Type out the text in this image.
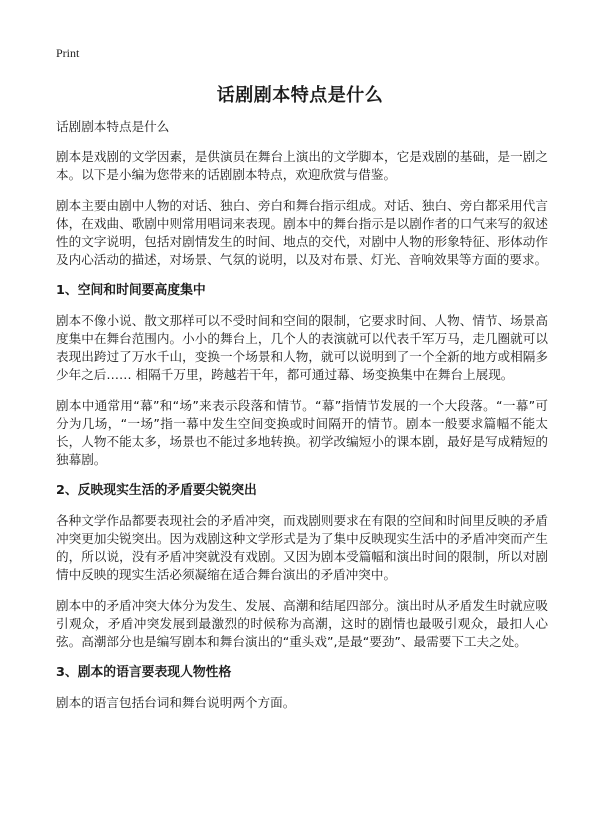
Print
话剧剧本特点是什么

话剧剧本特点是什么

剧本是戏剧的文学因素，是供演员在舞台上演出的文学脚本，它是戏剧的基础，是一剧之本。以下是小编为您带来的话剧剧本特点，欢迎欣赏与借鉴。

剧本主要由剧中人物的对话、独白、旁白和舞台指示组成。对话、独白、旁白都采用代言体，在戏曲、歌剧中则常用唱词来表现。剧本中的舞台指示是以剧作者的口气来写的叙述性的文字说明，包括对剧情发生的时间、地点的交代，对剧中人物的形象特征、形体动作及内心活动的描述，对场景、气氛的说明，以及对布景、灯光、音响效果等方面的要求。

1、空间和时间要高度集中

剧本不像小说、散文那样可以不受时间和空间的限制，它要求时间、人物、情节、场景高度集中在舞台范围内。小小的舞台上，几个人的表演就可以代表千军万马，走几圈就可以表现出跨过了万水千山，变换一个场景和人物，就可以说明到了一个全新的地方或相隔多少年之后…… 相隔千万里，跨越若干年，都可通过幕、场变换集中在舞台上展现。

剧本中通常用“幕”和“场”来表示段落和情节。“幕”指情节发展的一个大段落。“一幕”可分为几场，“一场”指一幕中发生空间变换或时间隔开的情节。剧本一般要求篇幅不能太长，人物不能太多，场景也不能过多地转换。初学改编短小的课本剧，最好是写成精短的独幕剧。

2、反映现实生活的矛盾要尖锐突出

各种文学作品都要表现社会的矛盾冲突，而戏剧则要求在有限的空间和时间里反映的矛盾冲突更加尖锐突出。因为戏剧这种文学形式是为了集中反映现实生活中的矛盾冲突而产生的，所以说，没有矛盾冲突就没有戏剧。又因为剧本受篇幅和演出时间的限制，所以对剧情中反映的现实生活必须凝缩在适合舞台演出的矛盾冲突中。

剧本中的矛盾冲突大体分为发生、发展、高潮和结尾四部分。演出时从矛盾发生时就应吸引观众，矛盾冲突发展到最激烈的时候称为高潮，这时的剧情也最吸引观众，最扣人心弦。高潮部分也是编写剧本和舞台演出的“重头戏”,是最“要劲”、最需要下工夫之处。

3、剧本的语言要表现人物性格

剧本的语言包括台词和舞台说明两个方面。
